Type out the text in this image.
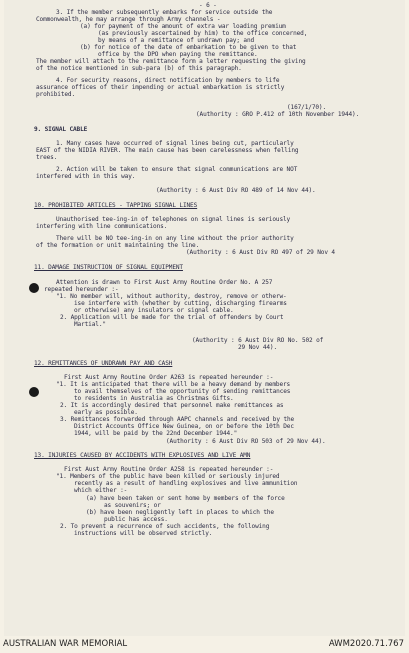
- 6 -
3. If the member subsequently embarks for service outside the
Commonwealth, he may arrange through Army channels -
(a) for payment of the amount of extra war loading premium
(as previously ascertained by him) to the office concerned,
by means of a remittance of undrawn pay; and
(b) for notice of the date of embarkation to be given to that
office by the DPO when paying the remittance.
The member will attach to the remittance form a letter requesting the giving
of the notice mentioned in sub-para (b) of this paragraph.
4. For security reasons, direct notification by members to life
assurance offices of their impending or actual embarkation is strictly
prohibited.
(167/1/70).
(Authority : GRO P.412 of 10th November 1944).
9. SIGNAL CABLE
1. Many cases have occurred of signal lines being cut, particularly
EAST of the NIDIA RIVER. The main cause has been carelessness when felling
trees.
2. Action will be taken to ensure that signal communications are NOT
interfered with in this way.
(Authority : 6 Aust Div RO 489 of 14 Nov 44).
10. PROHIBITED ARTICLES - TAPPING SIGNAL LINES
Unauthorised tee-ing-in of telephones on signal lines is seriously
interfering with line communications.
There will be NO tee-ing-in on any line without the prior authority
of the formation or unit maintaining the line.
(Authority : 6 Aust Div RO 497 of 29 Nov 4
11. DAMAGE INSTRUCTION OF SIGNAL EQUIPMENT
Attention is drawn to First Aust Army Routine Order No. A 257
repeated hereunder :-
"1. No member will, without authority, destroy, remove or otherw-
ise interfere with (whether by cutting, discharging firearms
or otherwise) any insulators or signal cable.
2. Application will be made for the trial of offenders by Court
Martial."
(Authority : 6 Aust Div RO No. 502 of
29 Nov 44).
12. REMITTANCES OF UNDRAWN PAY AND CASH
First Aust Army Routine Order A263 is repeated hereunder :-
"1. It is anticipated that there will be a heavy demand by members
to avail themselves of the opportunity of sending remittances
to residents in Australia as Christmas Gifts.
2. It is accordingly desired that personnel make remittances as
early as possible.
3. Remittances forwarded through AAPC channels and received by the
District Accounts Office New Guinea, on or before the 10th Dec
1944, will be paid by the 22nd December 1944."
(Authority : 6 Aust Div RO 503 of 29 Nov 44).
13. INJURIES CAUSED BY ACCIDENTS WITH EXPLOSIVES AND LIVE AMN
First Aust Army Routine Order A258 is repeated hereunder :-
"1. Members of the public have been killed or seriously injured
recently as a result of handling explosives and live ammunition
which either :-
(a) have been taken or sent home by members of the force
as souvenirs; or
(b) have been negligently left in places to which the
public has access.
2. To prevent a recurrence of such accidents, the following
instructions will be observed strictly.
AUSTRALIAN WAR MEMORIAL	AWM2020.71.767
